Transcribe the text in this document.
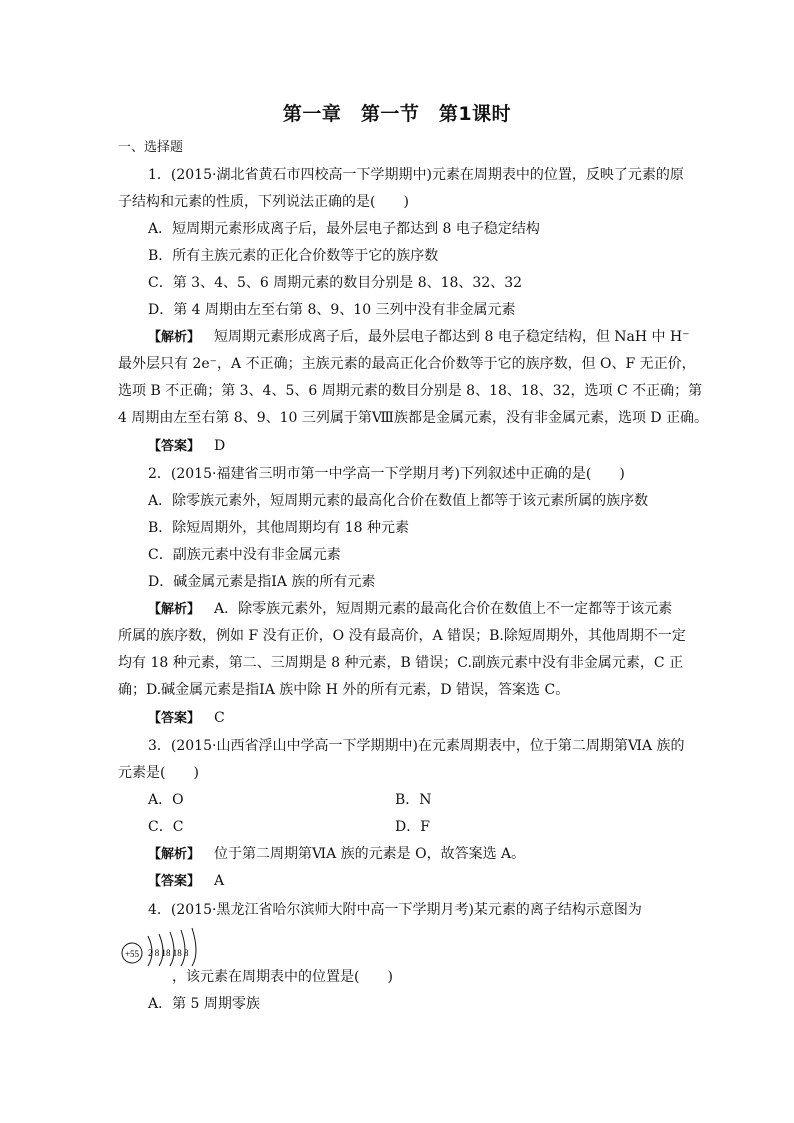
第一章　第一节　第1课时
一、选择题
1．(2015·湖北省黄石市四校高一下学期期中)元素在周期表中的位置，反映了元素的原
子结构和元素的性质，下列说法正确的是(　　)
A．短周期元素形成离子后，最外层电子都达到 8 电子稳定结构
B．所有主族元素的正化合价数等于它的族序数
C．第 3、4、5、6 周期元素的数目分别是 8、18、32、32
D．第 4 周期由左至右第 8、9、10 三列中没有非金属元素
【解析】 短周期元素形成离子后，最外层电子都达到 8 电子稳定结构，但 NaH 中 H⁻
最外层只有 2e⁻，A 不正确；主族元素的最高正化合价数等于它的族序数，但 O、F 无正价，
选项 B 不正确；第 3、4、5、6 周期元素的数目分别是 8、18、18、32，选项 C 不正确；第
4 周期由左至右第 8、9、10 三列属于第Ⅷ族都是金属元素，没有非金属元素，选项 D 正确。
【答案】 D
2．(2015·福建省三明市第一中学高一下学期月考)下列叙述中正确的是(　　)
A．除零族元素外，短周期元素的最高化合价在数值上都等于该元素所属的族序数
B．除短周期外，其他周期均有 18 种元素
C．副族元素中没有非金属元素
D．碱金属元素是指ⅠA 族的所有元素
【解析】 A．除零族元素外，短周期元素的最高化合价在数值上不一定都等于该元素
所属的族序数，例如 F 没有正价，O 没有最高价，A 错误；B.除短周期外，其他周期不一定
均有 18 种元素，第二、三周期是 8 种元素，B 错误；C.副族元素中没有非金属元素，C 正
确；D.碱金属元素是指ⅠA 族中除 H 外的所有元素，D 错误，答案选 C。
【答案】 C
3．(2015·山西省浮山中学高一下学期期中)在元素周期表中，位于第二周期第ⅥA 族的
元素是(　　)
A．O	B．N
C．C	D．F
【解析】 位于第二周期第ⅥA 族的元素是 O，故答案选 A。
【答案】 A
4．(2015·黑龙江省哈尔滨师大附中高一下学期月考)某元素的离子结构示意图为
+55 2 8 18 18 8
，该元素在周期表中的位置是(　　)
A．第 5 周期零族
